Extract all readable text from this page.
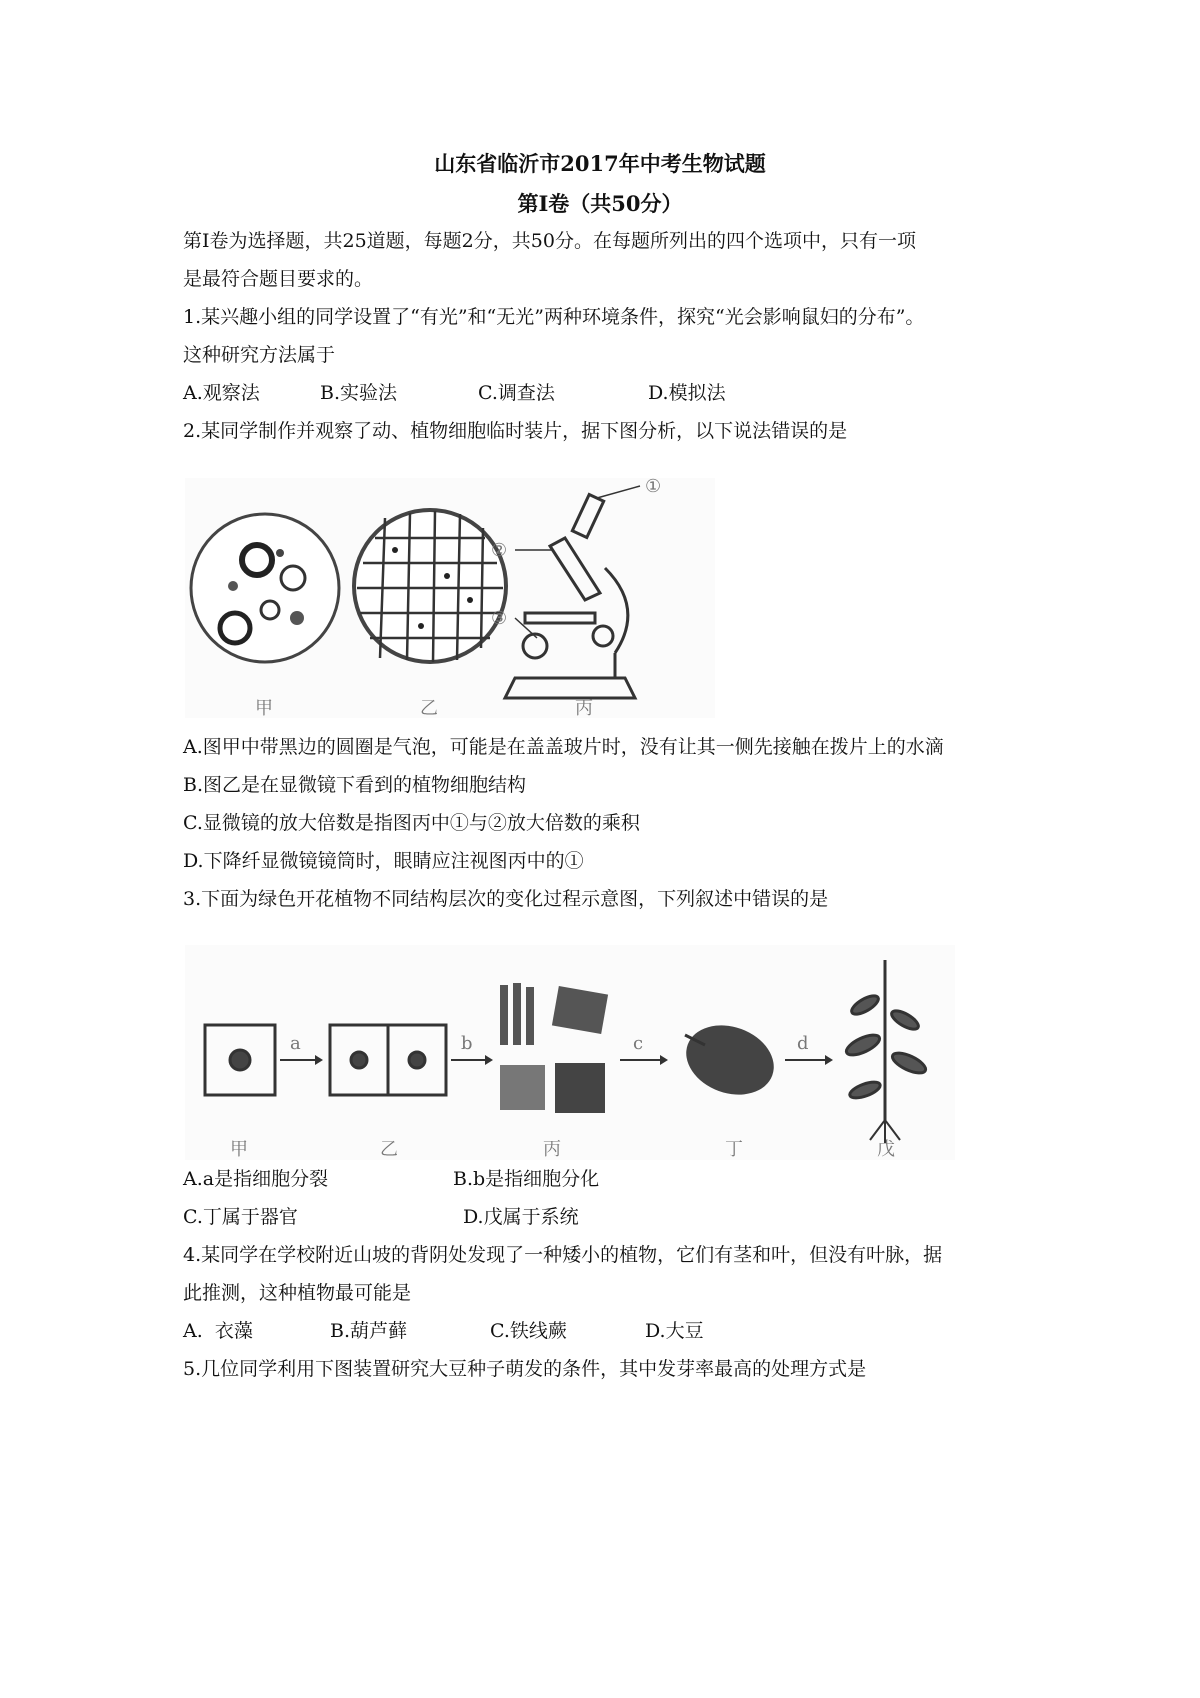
山东省临沂市2017年中考生物试题
第Ⅰ卷（共50分）
第Ⅰ卷为选择题，共25道题，每题2分，共50分。在每题所列出的四个选项中，只有一项
是最符合题目要求的。
1.某兴趣小组的同学设置了“有光”和“无光”两种环境条件，探究“光会影响鼠妇的分布”。
这种研究方法属于
A.观察法	B.实验法	C.调查法	D.模拟法
2.某同学制作并观察了动、植物细胞临时装片，据下图分析，以下说法错误的是
①
②
③
甲	乙	丙
A.图甲中带黑边的圆圈是气泡，可能是在盖盖玻片时，没有让其一侧先接触在拨片上的水滴
B.图乙是在显微镜下看到的植物细胞结构
C.显微镜的放大倍数是指图丙中①与②放大倍数的乘积
D.下降纤显微镜镜筒时，眼睛应注视图丙中的①
3.下面为绿色开花植物不同结构层次的变化过程示意图，下列叙述中错误的是
a	b	c	d
甲	乙	丙	丁	戊
A.a是指细胞分裂	B.b是指细胞分化
C.丁属于器官	D.戊属于系统
4.某同学在学校附近山坡的背阴处发现了一种矮小的植物，它们有茎和叶，但没有叶脉，据
此推测，这种植物最可能是
A.  衣藻	B.葫芦藓	C.铁线蕨	D.大豆
5.几位同学利用下图装置研究大豆种子萌发的条件，其中发芽率最高的处理方式是
